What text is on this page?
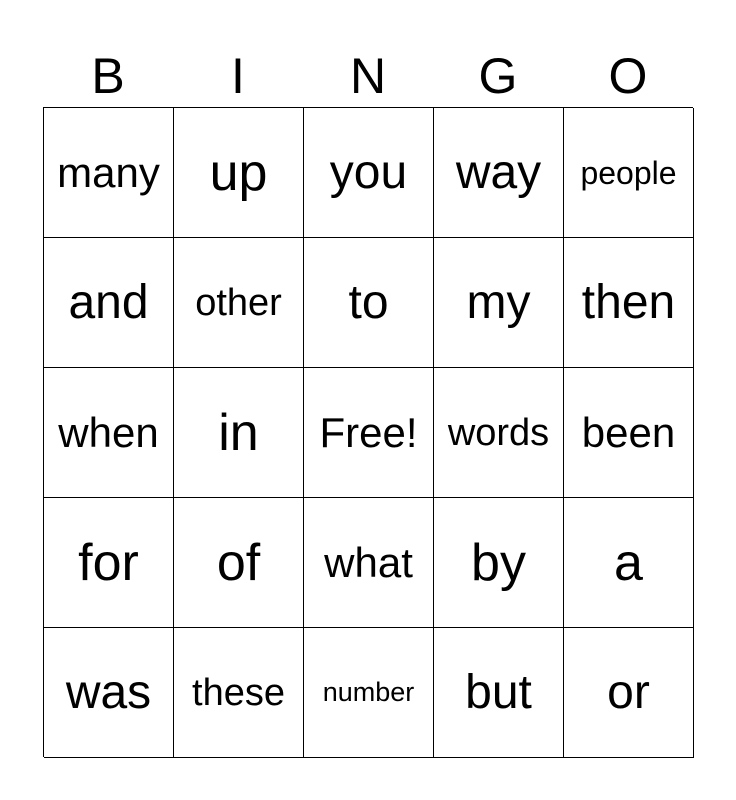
B	I	N	G	O
many up you way people
and other to my then
when in Free! words been
for of what by a
was these number but or
